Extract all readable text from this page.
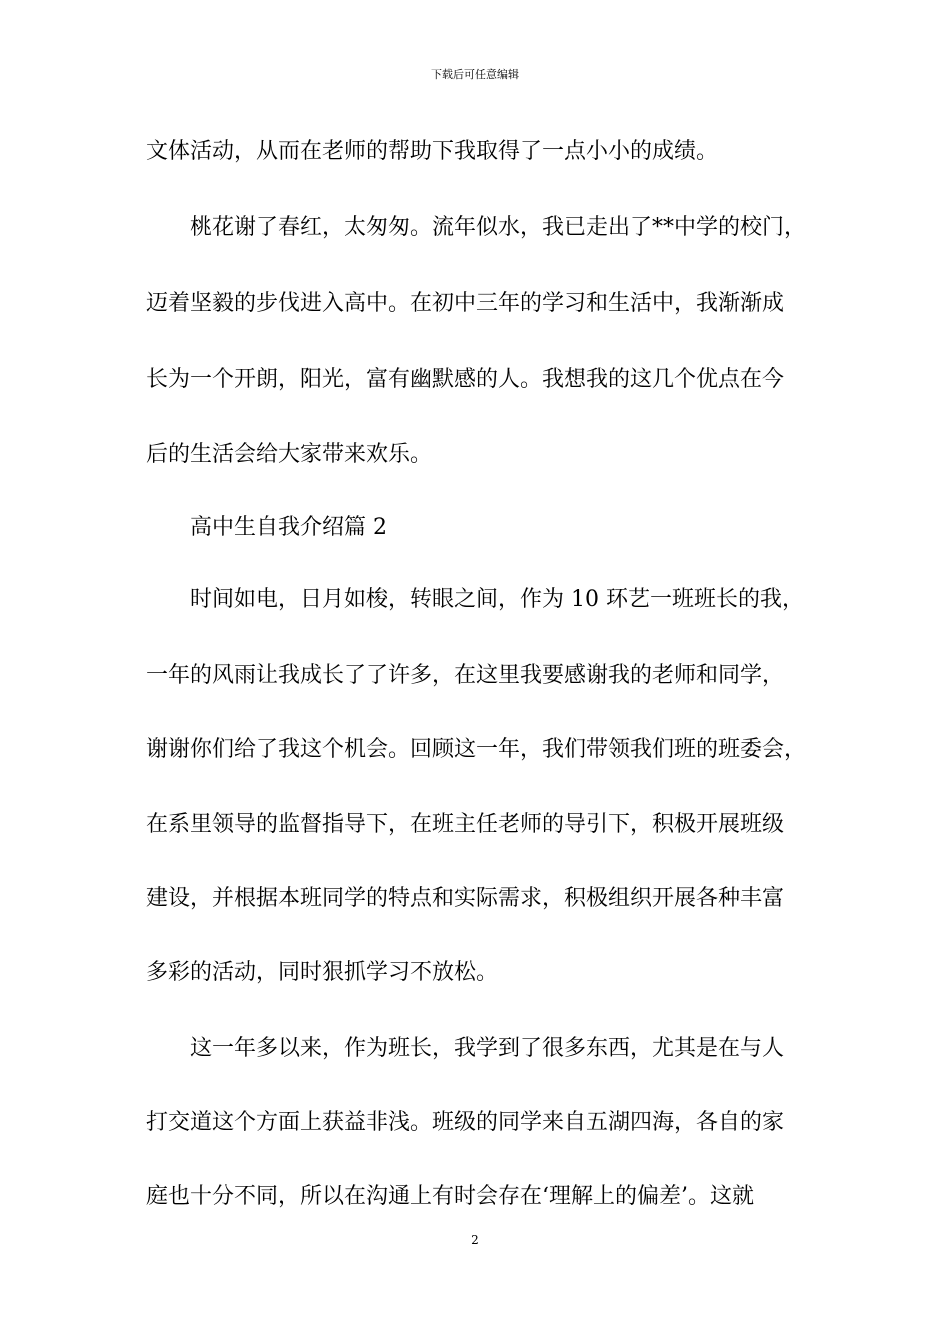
下载后可任意编辑
文体活动，从而在老师的帮助下我取得了一点小小的成绩。
　　桃花谢了春红，太匆匆。流年似水，我已走出了**中学的校门，
迈着坚毅的步伐进入高中。在初中三年的学习和生活中，我渐渐成
长为一个开朗，阳光，富有幽默感的人。我想我的这几个优点在今
后的生活会给大家带来欢乐。
　　高中生自我介绍篇 2
　　时间如电，日月如梭，转眼之间，作为 10 环艺一班班长的我，
一年的风雨让我成长了了许多，在这里我要感谢我的老师和同学，
谢谢你们给了我这个机会。回顾这一年，我们带领我们班的班委会，
在系里领导的监督指导下，在班主任老师的导引下，积极开展班级
建设，并根据本班同学的特点和实际需求，积极组织开展各种丰富
多彩的活动，同时狠抓学习不放松。
　　这一年多以来，作为班长，我学到了很多东西，尤其是在与人
打交道这个方面上获益非浅。班级的同学来自五湖四海，各自的家
庭也十分不同，所以在沟通上有时会存在‘理解上的偏差’。这就
2
